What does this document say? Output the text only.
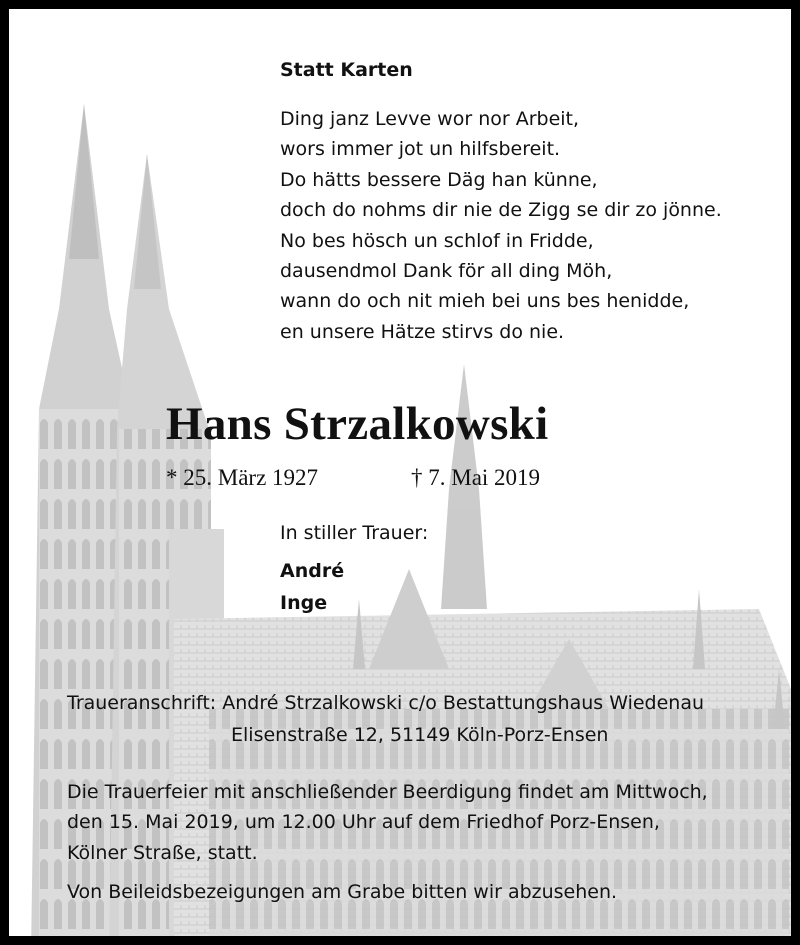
Statt Karten
Ding janz Levve wor nor Arbeit,
wors immer jot un hilfsbereit.
Do hätts bessere Däg han künne,
doch do nohms dir nie de Zigg se dir zo jönne.
No bes hösch un schlof in Fridde,
dausendmol Dank för all ding Möh,
wann do och nit mieh bei uns bes henidde,
en unsere Hätze stirvs do nie.
Hans Strzalkowski
* 25. März 1927	† 7. Mai 2019
In stiller Trauer:
André
Inge
Traueranschrift: André Strzalkowski c/o Bestattungshaus Wiedenau
Elisenstraße 12, 51149 Köln-Porz-Ensen
Die Trauerfeier mit anschließender Beerdigung findet am Mittwoch,
den 15. Mai 2019, um 12.00 Uhr auf dem Friedhof Porz-Ensen,
Kölner Straße, statt.
Von Beileidsbezeigungen am Grabe bitten wir abzusehen.
